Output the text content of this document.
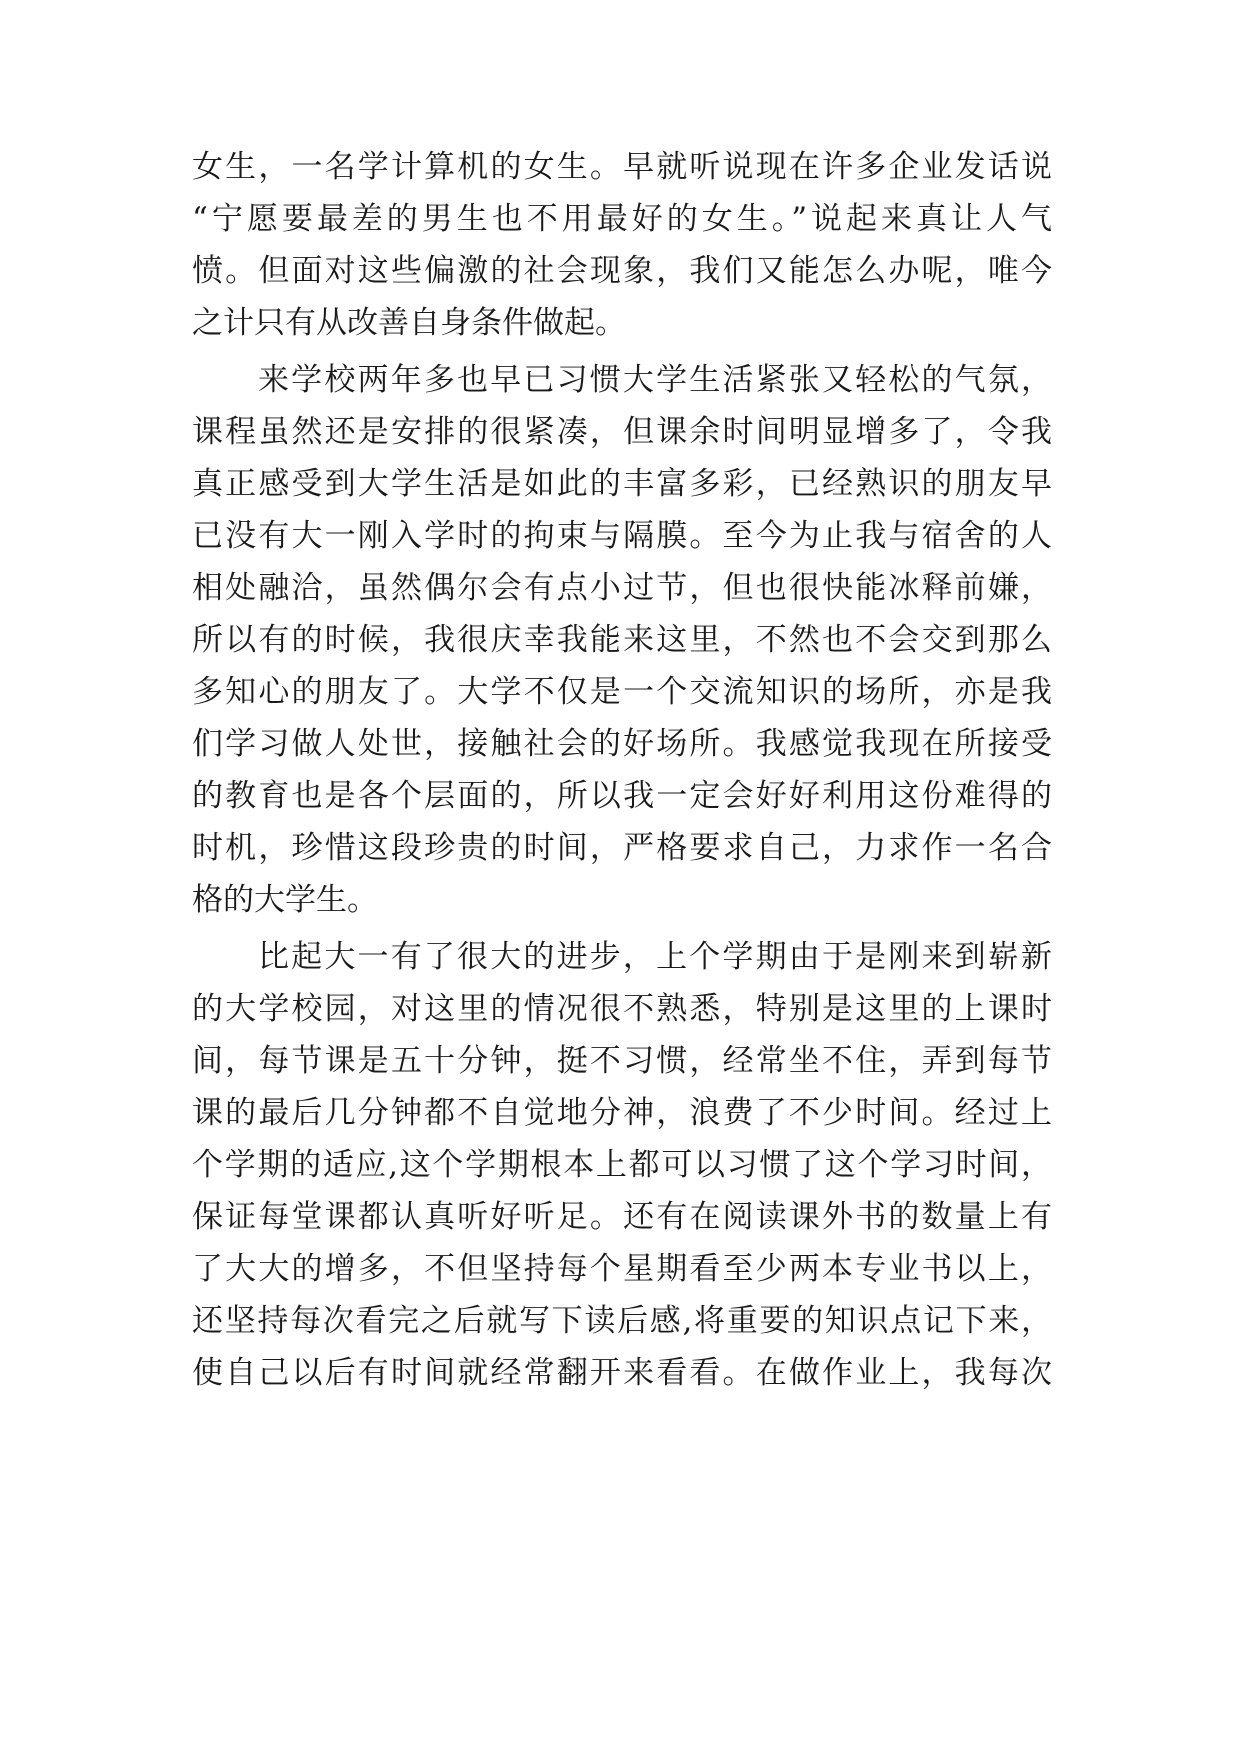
女生，一名学计算机的女生。早就听说现在许多企业发话说
“宁愿要最差的男生也不用最好的女生。”说起来真让人气
愤。但面对这些偏激的社会现象，我们又能怎么办呢，唯今
之计只有从改善自身条件做起。
来学校两年多也早已习惯大学生活紧张又轻松的气氛，
课程虽然还是安排的很紧凑，但课余时间明显增多了，令我
真正感受到大学生活是如此的丰富多彩，已经熟识的朋友早
已没有大一刚入学时的拘束与隔膜。至今为止我与宿舍的人
相处融洽，虽然偶尔会有点小过节，但也很快能冰释前嫌，
所以有的时候，我很庆幸我能来这里，不然也不会交到那么
多知心的朋友了。大学不仅是一个交流知识的场所，亦是我
们学习做人处世，接触社会的好场所。我感觉我现在所接受
的教育也是各个层面的，所以我一定会好好利用这份难得的
时机，珍惜这段珍贵的时间，严格要求自己，力求作一名合
格的大学生。
比起大一有了很大的进步，上个学期由于是刚来到崭新
的大学校园，对这里的情况很不熟悉，特别是这里的上课时
间，每节课是五十分钟，挺不习惯，经常坐不住，弄到每节
课的最后几分钟都不自觉地分神，浪费了不少时间。经过上
个学期的适应,这个学期根本上都可以习惯了这个学习时间，
保证每堂课都认真听好听足。还有在阅读课外书的数量上有
了大大的增多，不但坚持每个星期看至少两本专业书以上，
还坚持每次看完之后就写下读后感,将重要的知识点记下来，
使自己以后有时间就经常翻开来看看。在做作业上，我每次
